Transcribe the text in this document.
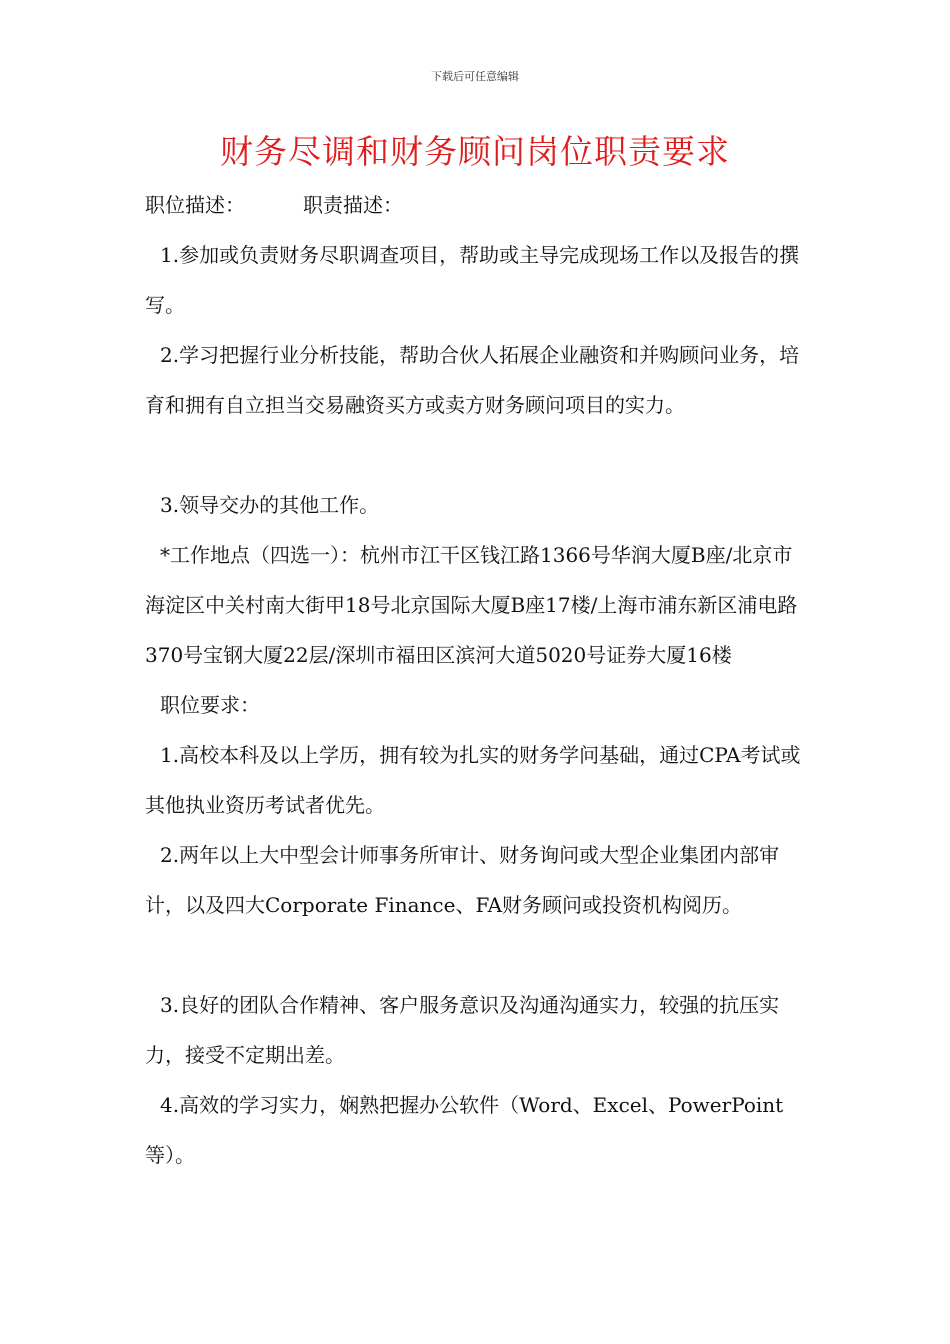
下载后可任意编辑
财务尽调和财务顾问岗位职责要求
职位描述：	职责描述：

1.参加或负责财务尽职调查项目，帮助或主导完成现场工作以及报告的撰写。

2.学习把握行业分析技能，帮助合伙人拓展企业融资和并购顾问业务，培育和拥有自立担当交易融资买方或卖方财务顾问项目的实力。

3.领导交办的其他工作。

*工作地点（四选一）：杭州市江干区钱江路1366号华润大厦B座/北京市海淀区中关村南大街甲18号北京国际大厦B座17楼/上海市浦东新区浦电路370号宝钢大厦22层/深圳市福田区滨河大道5020号证券大厦16楼

职位要求：

1.高校本科及以上学历，拥有较为扎实的财务学问基础，通过CPA考试或其他执业资历考试者优先。

2.两年以上大中型会计师事务所审计、财务询问或大型企业集团内部审计，以及四大Corporate Finance、FA财务顾问或投资机构阅历。

3.良好的团队合作精神、客户服务意识及沟通沟通实力，较强的抗压实力，接受不定期出差。

4.高效的学习实力，娴熟把握办公软件（Word、Excel、PowerPoint等）。
